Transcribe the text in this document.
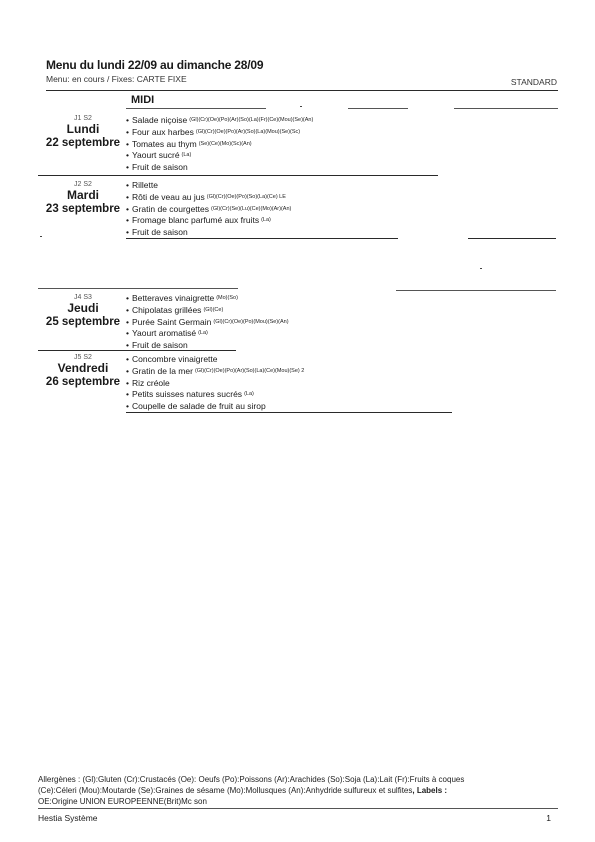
Menu du lundi 22/09 au dimanche 28/09
Menu: en cours / Fixes: CARTE FIXE	STANDARD
MIDI
J1 S2
Lundi
22 septembre
• Salade niçoise $^{(Gl)(Cr)(Oe)(Po)(Ar)(So)(La)(Fr)(Ce)(Mou)(Se)(An)}$
• Four aux harbes $^{(Gl)(Cr)(Oe)(Po)(Ar)(So)(La)(Mou)(Se)(Sc)}$
• Tomates au thym $^{(Se)(Ce)(Mo)(Sc)(An)}$
• Yaourt sucré $^{(La)}$
• Fruit de saison
J2 S2
Mardi
23 septembre
• Rillette
• Rôti de veau au jus $^{(Gl)(Cr)(Oe)(Po)(So)(La)(Ce) LE}$
• Gratin de courgettes $^{(Gl)(Cr)(Se)(Lu)(Ce)(Mo)(Ar)(An)}$
• Fromage blanc parfumé aux fruits $^{(La)}$
• Fruit de saison
J4 S3
Jeudi
25 septembre
• Betteraves vinaigrette $^{(Mo)(So)}$
• Chipolatas grillées $^{(Gl)(Ce)}$
• Purée Saint Germain $^{(Gl)(Cr)(Oe)(Po)(Mou)(Se)(An)}$
• Yaourt aromatisé $^{(La)}$
• Fruit de saison
J5 S2
Vendredi
26 septembre
• Concombre vinaigrette
• Gratin de la mer $^{(Gl)(Cr)(Oe)(Po)(Ar)(So)(La)(Ce)(Mou)(Se) 2}$
• Riz créole
• Petits suisses natures sucrés $^{(La)}$
• Coupelle de salade de fruit au sirop
Allergènes : (Gl):Gluten (Cr):Crustacés (Oe): Oeufs (Po):Poissons (Ar):Arachides (So):Soja (La):Lait (Fr):Fruits à coques
(Ce):Céleri (Mou):Moutarde (Se):Graines de sésame (Mo):Mollusques (An):Anhydride sulfureux et sulfites, Labels :
OE:Origine UNION EUROPEENNE(Brit)Mc son
Hestia Système	1
